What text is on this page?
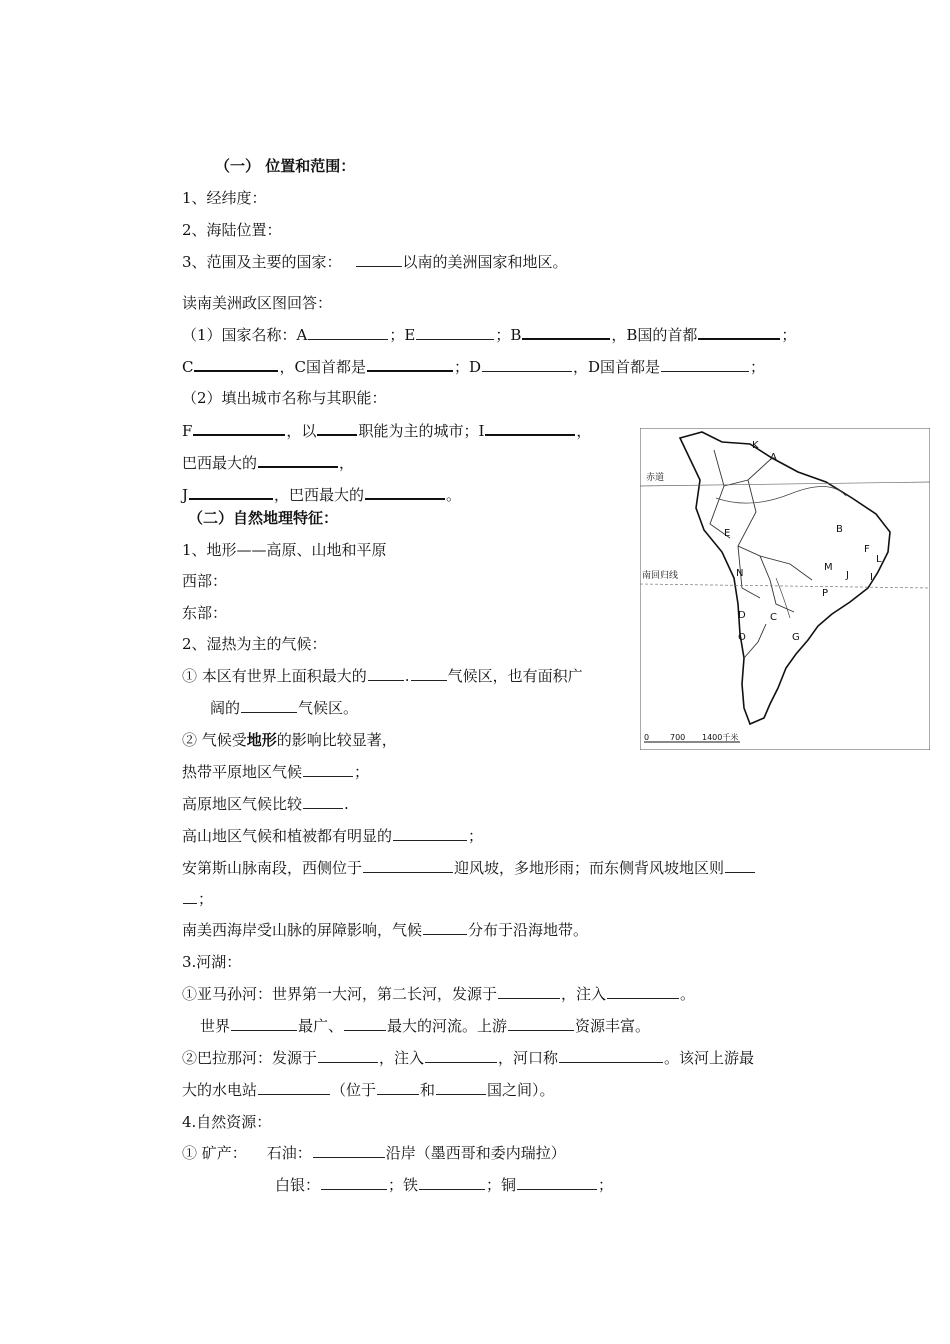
（一） 位置和范围：
1、经纬度：
2、海陆位置：
3、范围及主要的国家：	以南的美洲国家和地区。
读南美洲政区图回答：
（1）国家名称：A	；E	；B	，B国的首都	；
C	，C国首都是	；D	，D国首都是	；
（2）填出城市名称与其职能：
F	，以	职能为主的城市；I	，
巴西最大的	，
J	，巴西最大的	。
（二）自然地理特征：
1、地形——高原、山地和平原
西部：
东部：
2、湿热为主的气候：
① 本区有世界上面积最大的	.	气候区，也有面积广
阔的	气候区。
② 气候受地形的影响比较显著，
热带平原地区气候	；
高原地区气候比较	.
高山地区气候和植被都有明显的	；
安第斯山脉南段，西侧位于	迎风坡，多地形雨；而东侧背风坡地区则
；
南美西海岸受山脉的屏障影响，气候	分布于沿海地带。
3.河湖：
①亚马孙河：世界第一大河，第二长河，发源于	，注入	。
世界	最广、	最大的河流。上游	资源丰富。
②巴拉那河：发源于	，注入	，河口称	。该河上游最
大的水电站	（位于	和	国之间）。
4.自然资源：
① 矿产： 石油：	沿岸（墨西哥和委内瑞拉）
白银：	；铁	；铜	；
赤道
南回归线
K
A
B
F
E
M
L
N	J I
P
D C
O	G
0	700 1400千米
